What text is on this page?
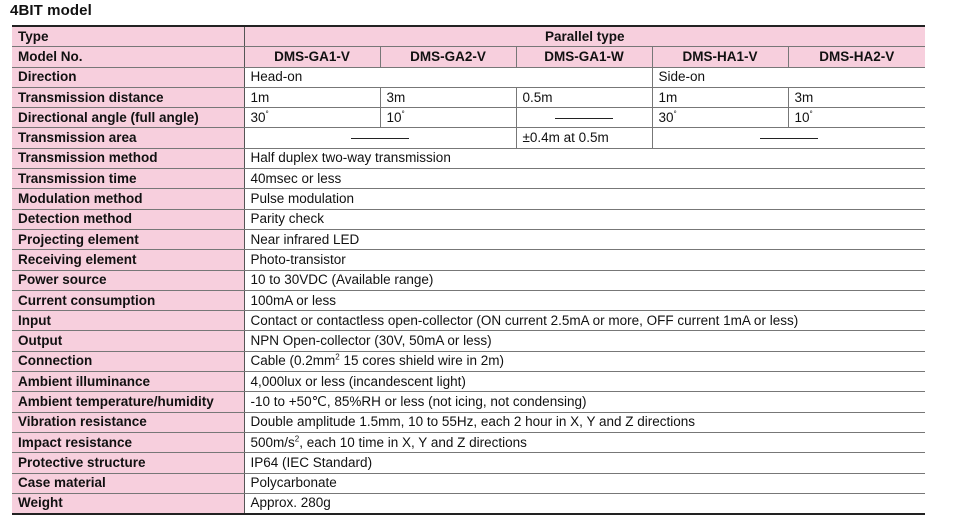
4BIT model
Type	Parallel type				
Model No.	DMS-GA1-V	DMS-GA2-V	DMS-GA1-W	DMS-HA1-V	DMS-HA2-V
Direction	Head-on			Side-on	
Transmission distance	1m	3m	0.5m	1m	3m
Directional angle (full angle)	30°	10°		30°	10°
Transmission area			±0.4m at 0.5m		
Transmission method	Half duplex two-way transmission				
Transmission time	40msec or less				
Modulation method	Pulse modulation				
Detection method	Parity check				
Projecting element	Near infrared LED				
Receiving element	Photo-transistor				
Power source	10 to 30VDC (Available range)				
Current consumption	100mA or less				
Input	Contact or contactless open-collector (ON current 2.5mA or more, OFF current 1mA or less)				
Output	NPN Open-collector (30V, 50mA or less)				
Connection	Cable ($0.2mm^2$ 15 cores shield wire in 2m)				
Ambient illuminance	4,000lux or less (incandescent light)				
Ambient temperature/humidity	-10 to +50℃, 85%RH or less (not icing, not condensing)				
Vibration resistance	Double amplitude 1.5mm, 10 to 55Hz, each 2 hour in X, Y and Z directions				
Impact resistance	$500m/s^2$, each 10 time in X, Y and Z directions				
Protective structure	IP64 (IEC Standard)				
Case material	Polycarbonate				
Weight	Approx. 280g				
